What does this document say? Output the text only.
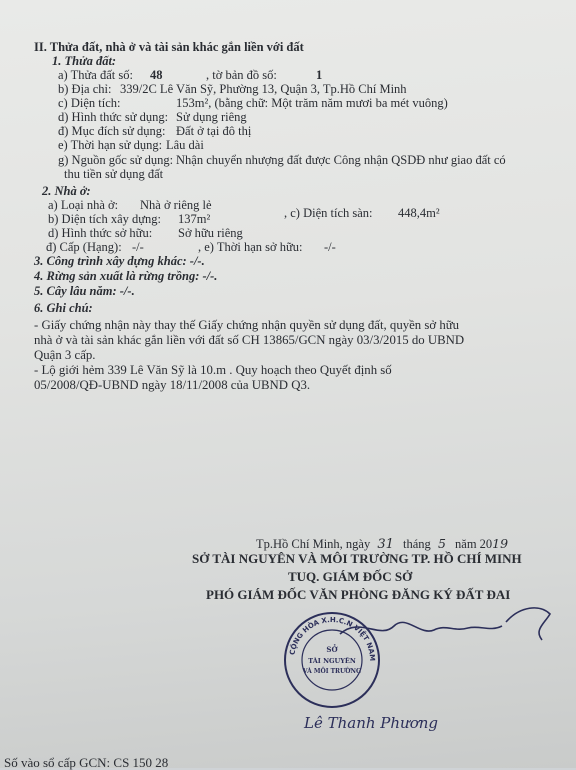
II. Thửa đất, nhà ở và tài sản khác gắn liền với đất
1. Thửa đất:
a) Thửa đất số: 48	, tờ bản đồ số:	1
b) Địa chỉ: 339/2C Lê Văn Sỹ, Phường 13, Quận 3, Tp.Hồ Chí Minh
c) Diện tích:	153m², (bằng chữ: Một trăm năm mươi ba mét vuông)
d) Hình thức sử dụng: Sử dụng riêng
đ) Mục đích sử dụng: Đất ở tại đô thị
e) Thời hạn sử dụng: Lâu dài
g) Nguồn gốc sử dụng: Nhận chuyển nhượng đất được Công nhận QSDĐ như giao đất có
thu tiền sử dụng đất
2. Nhà ở:
a) Loại nhà ở: Nhà ở riêng lẻ
b) Diện tích xây dựng: 137m²	, c) Diện tích sàn: 448,4m²
d) Hình thức sở hữu: Sở hữu riêng
đ) Cấp (Hạng): -/-	, e) Thời hạn sở hữu: -/-
3. Công trình xây dựng khác: -/-.
4. Rừng sản xuất là rừng trồng: -/-.
5. Cây lâu năm: -/-.
6. Ghi chú:
- Giấy chứng nhận này thay thế Giấy chứng nhận quyền sử dụng đất, quyền sở hữu
nhà ở và tài sản khác gắn liền với đất số CH 13865/GCN ngày 03/3/2015 do UBND
Quận 3 cấp.
- Lộ giới hẻm 339 Lê Văn Sỹ là 10.m . Quy hoạch theo Quyết định số
05/2008/QĐ-UBND ngày 18/11/2008 của UBND Q3.
Tp.Hồ Chí Minh, ngày 31 tháng 5 năm 2019
SỞ TÀI NGUYÊN VÀ MÔI TRƯỜNG TP. HỒ CHÍ MINH
TUQ. GIÁM ĐỐC SỞ
PHÓ GIÁM ĐỐC VĂN PHÒNG ĐĂNG KÝ ĐẤT ĐAI
CỘNG HÒA X.H.C.N VIỆT NAM
SỞ
TÀI NGUYÊN
VÀ MÔI TRƯỜNG
Lê Thanh Phương
Số vào sổ cấp GCN: CS 150 28
